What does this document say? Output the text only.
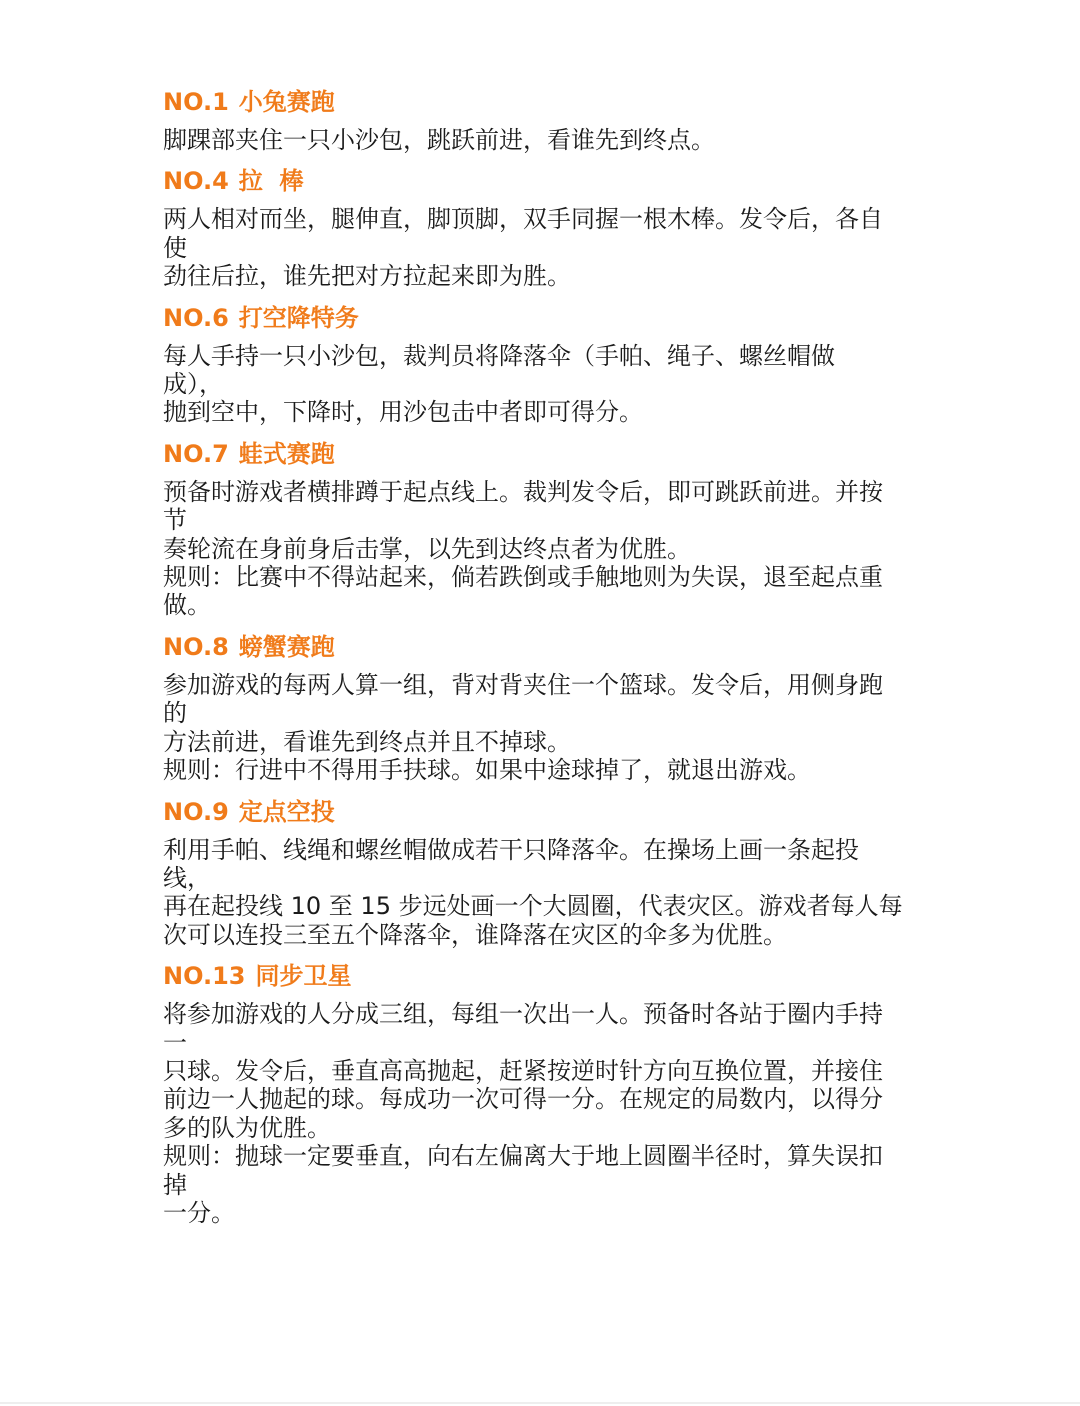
NO.1 小兔赛跑
脚踝部夹住一只小沙包，跳跃前进，看谁先到终点。
NO.4 拉  棒
两人相对而坐，腿伸直，脚顶脚，双手同握一根木棒。发令后，各自
使
劲往后拉，谁先把对方拉起来即为胜。
NO.6 打空降特务
每人手持一只小沙包，裁判员将降落伞（手帕、绳子、螺丝帽做
成），
抛到空中，下降时，用沙包击中者即可得分。
NO.7 蛙式赛跑
预备时游戏者横排蹲于起点线上。裁判发令后，即可跳跃前进。并按
节
奏轮流在身前身后击掌，以先到达终点者为优胜。
规则：比赛中不得站起来，倘若跌倒或手触地则为失误，退至起点重
做。
NO.8 螃蟹赛跑
参加游戏的每两人算一组，背对背夹住一个篮球。发令后，用侧身跑
的
方法前进，看谁先到终点并且不掉球。
规则：行进中不得用手扶球。如果中途球掉了，就退出游戏。
NO.9 定点空投
利用手帕、线绳和螺丝帽做成若干只降落伞。在操场上画一条起投
线，
再在起投线 10 至 15 步远处画一个大圆圈，代表灾区。游戏者每人每
次可以连投三至五个降落伞，谁降落在灾区的伞多为优胜。
NO.13 同步卫星
将参加游戏的人分成三组，每组一次出一人。预备时各站于圈内手持
一
只球。发令后，垂直高高抛起，赶紧按逆时针方向互换位置，并接住
前边一人抛起的球。每成功一次可得一分。在规定的局数内，以得分
多的队为优胜。
规则：抛球一定要垂直，向右左偏离大于地上圆圈半径时，算失误扣
掉
一分。
